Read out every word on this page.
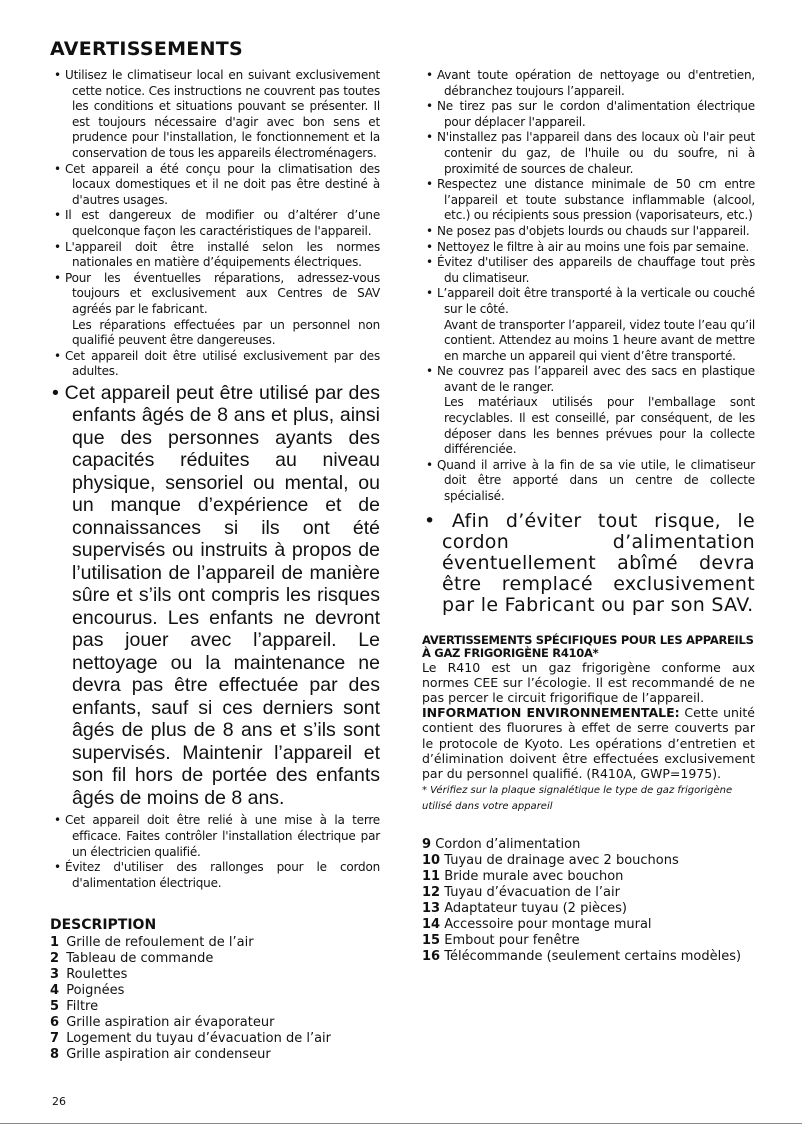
AVERTISSEMENTS

• Utilisez le climatiseur local en suivant exclusivement cette notice. Ces instructions ne couvrent pas toutes les conditions et situations pouvant se présenter. Il est toujours nécessaire d'agir avec bon sens et prudence pour l'installation, le fonctionnement et la conservation de tous les appareils électroménagers.

• Cet appareil a été conçu pour la climatisation des locaux domestiques et il ne doit pas être destiné à d'autres usages.

• Il est dangereux de modifier ou d’altérer d’une quelconque façon les caractéristiques de l'appareil.

• L'appareil doit être installé selon les normes nationales en matière d’équipements électriques.

• Pour les éventuelles réparations, adressez-vous toujours et exclusivement aux Centres de SAV agréés par le fabricant.

Les réparations effectuées par un personnel non qualifié peuvent être dangereuses.

• Cet appareil doit être utilisé exclusivement par des adultes.

• Cet appareil peut être utilisé par des enfants âgés de 8 ans et plus, ainsi que des personnes ayants des capacités réduites au niveau physique, sensoriel ou mental, ou un manque d’expérience et de connaissances si ils ont été supervisés ou instruits à propos de l’utilisation de l’appareil de manière sûre et s’ils ont compris les risques encourus. Les enfants ne devront pas jouer avec l’appareil. Le nettoyage ou la maintenance ne devra pas être effectuée par des enfants, sauf si ces derniers sont âgés de plus de 8 ans et s’ils sont supervisés. Maintenir l’appareil et son fil hors de portée des enfants âgés de moins de 8 ans.

• Cet appareil doit être relié à une mise à la terre efficace. Faites contrôler l'installation électrique par un électricien qualifié.

• Évitez d'utiliser des rallonges pour le cordon d'alimentation électrique.

DESCRIPTION

1 Grille de refoulement de l’air

2 Tableau de commande

3 Roulettes

4 Poignées

5 Filtre

6 Grille aspiration air évaporateur

7 Logement du tuyau d’évacuation de l’air

8 Grille aspiration air condenseur

• Avant toute opération de nettoyage ou d'entretien, débranchez toujours l’appareil.

• Ne tirez pas sur le cordon d'alimentation électrique pour déplacer l'appareil.

• N'installez pas l'appareil dans des locaux où l'air peut contenir du gaz, de l'huile ou du soufre, ni à proximité de sources de chaleur.

• Respectez une distance minimale de 50 cm entre l’appareil et toute substance inflammable (alcool, etc.) ou récipients sous pression (vaporisateurs, etc.)

• Ne posez pas d'objets lourds ou chauds sur l'appareil.

• Nettoyez le filtre à air au moins une fois par semaine.

• Évitez d'utiliser des appareils de chauffage tout près du climatiseur.

• L’appareil doit être transporté à la verticale ou couché sur le côté.

Avant de transporter l’appareil, videz toute l’eau qu’il contient. Attendez au moins 1 heure avant de mettre en marche un appareil qui vient d’être transporté.

• Ne couvrez pas l’appareil avec des sacs en plastique avant de le ranger.

Les matériaux utilisés pour l'emballage sont recyclables. Il est conseillé, par conséquent, de les déposer dans les bennes prévues pour la collecte différenciée.

• Quand il arrive à la fin de sa vie utile, le climatiseur doit être apporté dans un centre de collecte spécialisé.

• Afin d’éviter tout risque, le cordon d’alimentation éventuellement abîmé devra être remplacé exclusivement par le Fabricant ou par son SAV.

AVERTISSEMENTS SPÉCIFIQUES POUR LES APPAREILS À GAZ FRIGORIGÈNE R410A*

Le R410 est un gaz frigorigène conforme aux normes CEE sur l’écologie. Il est recommandé de ne pas percer le circuit frigorifique de l’appareil.

INFORMATION ENVIRONNEMENTALE: Cette unité contient des fluorures à effet de serre couverts par le protocole de Kyoto. Les opérations d’entretien et d’élimination doivent être effectuées exclusivement par du personnel qualifié. (R410A, GWP=1975).

* Vérifiez sur la plaque signalétique le type de gaz frigorigène utilisé dans votre appareil

9 Cordon d’alimentation

10 Tuyau de drainage avec 2 bouchons

11 Bride murale avec bouchon

12 Tuyau d’évacuation de l’air

13 Adaptateur tuyau (2 pièces)

14 Accessoire pour montage mural

15 Embout pour fenêtre

16 Télécommande (seulement certains modèles)

26
